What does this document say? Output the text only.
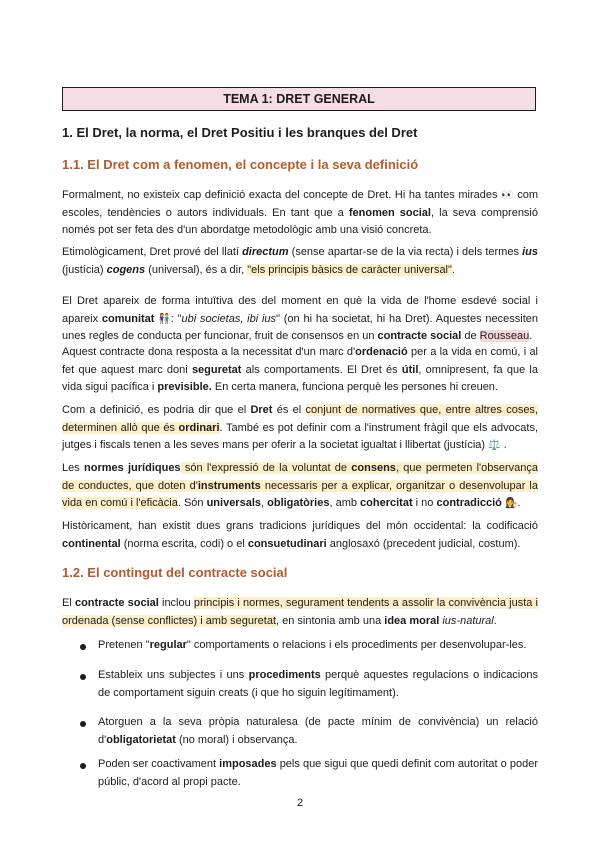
TEMA 1: DRET GENERAL
1. El Dret, la norma, el Dret Positiu i les branques del Dret
1.1. El Dret com a fenomen, el concepte i la seva definició
Formalment, no existeix cap definició exacta del concepte de Dret. Hi ha tantes mirades 👀 com escoles, tendències o autors individuals. En tant que a fenomen social, la seva comprensió només pot ser feta des d'un abordatge metodològic amb una visió concreta.
Etimològicament, Dret prové del llatí directum (sense apartar-se de la via recta) i dels termes ius (justícia) cogens (universal), és a dir, "els principis bàsics de caràcter universal".
El Dret apareix de forma intuïtiva des del moment en què la vida de l'home esdevé social i apareix comunitat 👫: "ubi societas, ibi ius" (on hi ha societat, hi ha Dret). Aquestes necessiten unes regles de conducta per funcionar, fruit de consensos en un contracte social de Rousseau.
Aquest contracte dona resposta a la necessitat d'un marc d'ordenació per a la vida en comú, i al fet que aquest marc doni seguretat als comportaments. El Dret és útil, omnipresent, fa que la vida sigui pacífica i previsible. En certa manera, funciona perquè les persones hi creuen.
Com a definició, es podria dir que el Dret és el conjunt de normatives que, entre altres coses, determinen allò que és ordinari. També es pot definir com a l'instrument fràgil que els advocats, jutges i fiscals tenen a les seves mans per oferir a la societat igualtat i llibertat (justícia) ⚖️ .
Les normes jurídiques són l'expressió de la voluntat de consens, que permeten l'observança de conductes, que doten d'instruments necessaris per a explicar, organitzar o desenvolupar la vida en comú i l'eficàcia. Són universals, obligatòries, amb cohercitat i no contradicció 👩‍⚖️.
Històricament, han existit dues grans tradicions jurídiques del món occidental: la codificació continental (norma escrita, codi) o el consuetudinari anglosaxó (precedent judicial, costum).
1.2. El contingut del contracte social
El contracte social inclou principis i normes, segurament tendents a assolir la convivència justa i ordenada (sense conflictes) i amb seguretat, en sintonia amb una idea moral ius-natural.
Pretenen "regular" comportaments o relacions i els procediments per desenvolupar-les.
Estableix uns subjectes i uns procediments perquè aquestes regulacions o indicacions de comportament siguin creats (i que ho siguin legítimament).
Atorguen a la seva pròpia naturalesa (de pacte mínim de convivència) un relació d'obligatorietat (no moral) i observança.
Poden ser coactivament imposades pels que sigui que quedi definit com autoritat o poder públic, d'acord al propi pacte.
2
